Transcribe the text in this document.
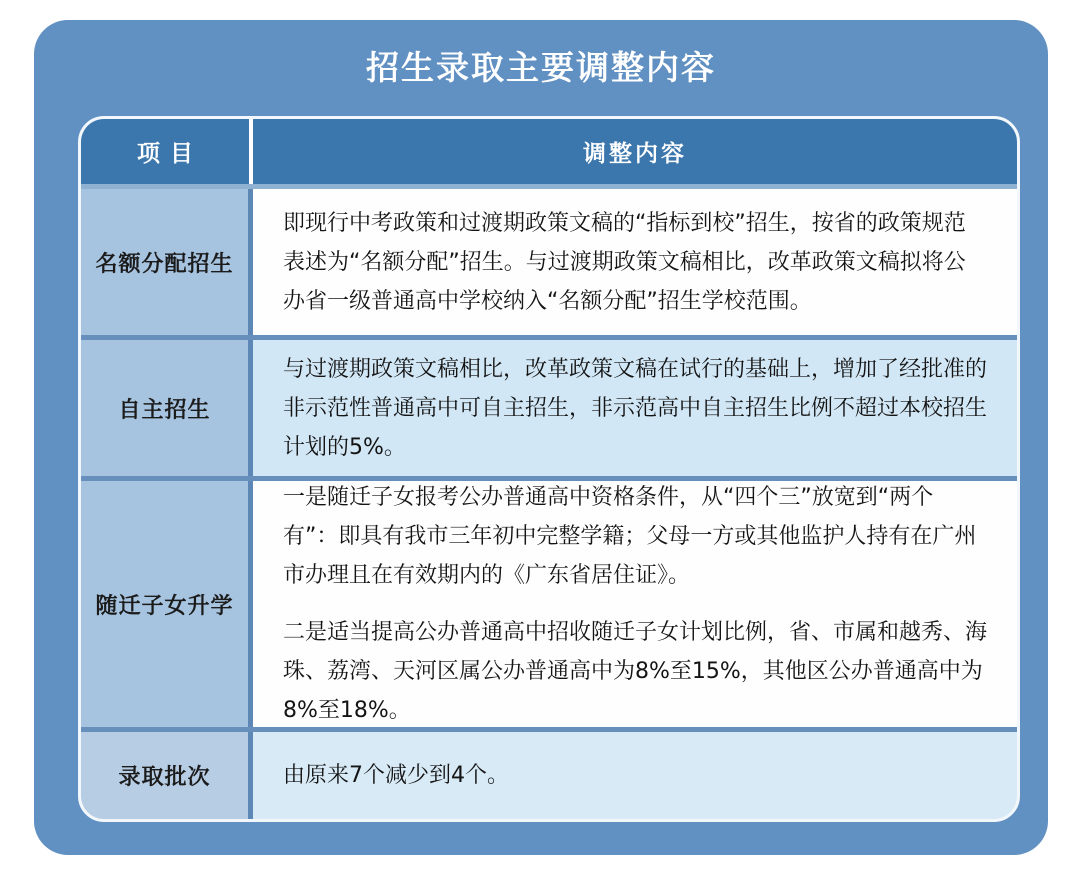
招生录取主要调整内容
项目	调整内容
名额分配招生

即现行中考政策和过渡期政策文稿的“指标到校”招生，按省的政策规范表述为“名额分配”招生。与过渡期政策文稿相比，改革政策文稿拟将公办省一级普通高中学校纳入“名额分配”招生学校范围。

自主招生

与过渡期政策文稿相比，改革政策文稿在试行的基础上，增加了经批准的非示范性普通高中可自主招生，非示范高中自主招生比例不超过本校招生计划的5%。

随迁子女升学

一是随迁子女报考公办普通高中资格条件，从“四个三”放宽到“两个有”：即具有我市三年初中完整学籍；父母一方或其他监护人持有在广州市办理且在有效期内的《广东省居住证》。

二是适当提高公办普通高中招收随迁子女计划比例，省、市属和越秀、海珠、荔湾、天河区属公办普通高中为8%至15%，其他区公办普通高中为8%至18%。

录取批次	由原来7个减少到4个。
